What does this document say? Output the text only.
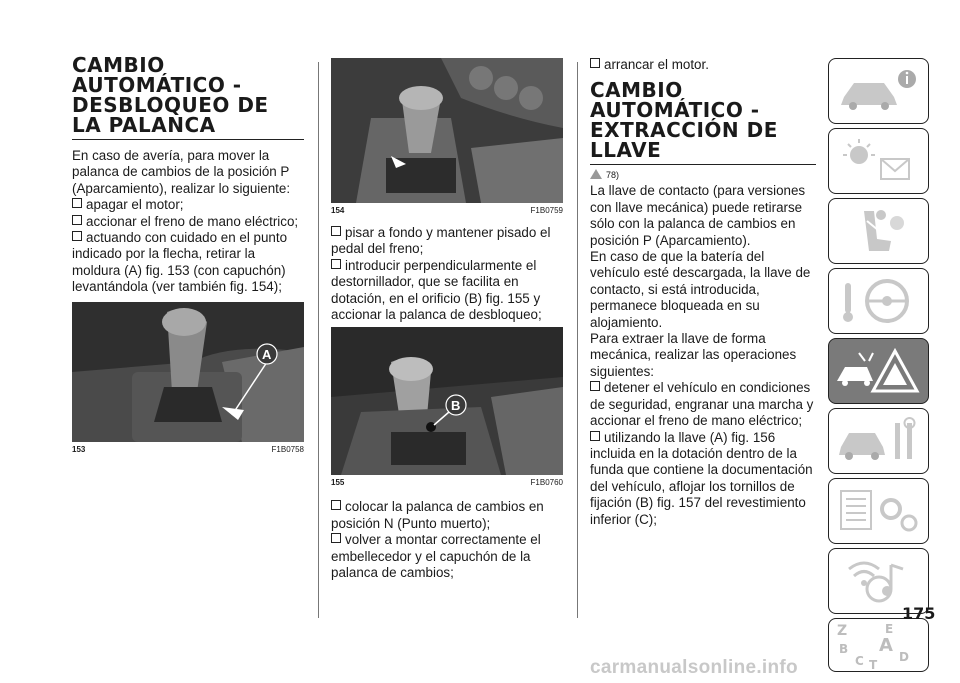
CAMBIO AUTOMÁTICO - DESBLOQUEO DE LA PALANCA

En caso de avería, para mover la palanca de cambios de la posición P (Aparcamiento), realizar lo siguiente:

apagar el motor;

accionar el freno de mano eléctrico;

actuando con cuidado en el punto indicado por la flecha, retirar la moldura (A) fig. 153 (con capuchón) levantándola (ver también fig. 154);

A
153	F1B0758
154	F1B0759

pisar a fondo y mantener pisado el pedal del freno;

introducir perpendicularmente el destornillador, que se facilita en dotación, en el orificio (B) fig. 155 y accionar la palanca de desbloqueo;

B
155	F1B0760

colocar la palanca de cambios en posición N (Punto muerto);

volver a montar correctamente el embellecedor y el capuchón de la palanca de cambios;

arrancar el motor.

CAMBIO AUTOMÁTICO - EXTRACCIÓN DE LLAVE
78)

La llave de contacto (para versiones con llave mecánica) puede retirarse sólo con la palanca de cambios en posición P (Aparcamiento).

En caso de que la batería del vehículo esté descargada, la llave de contacto, si está introducida, permanece bloqueada en su alojamiento.

Para extraer la llave de forma mecánica, realizar las operaciones siguientes:

detener el vehículo en condiciones de seguridad, engranar una marcha y accionar el freno de mano eléctrico;

utilizando la llave (A) fig. 156 incluida en la dotación dentro de la funda que contiene la documentación del vehículo, aflojar los tornillos de fijación (B) fig. 157 del revestimiento inferior (C);

Z	E
B A
C T
D
175
carmanualsonline.info
